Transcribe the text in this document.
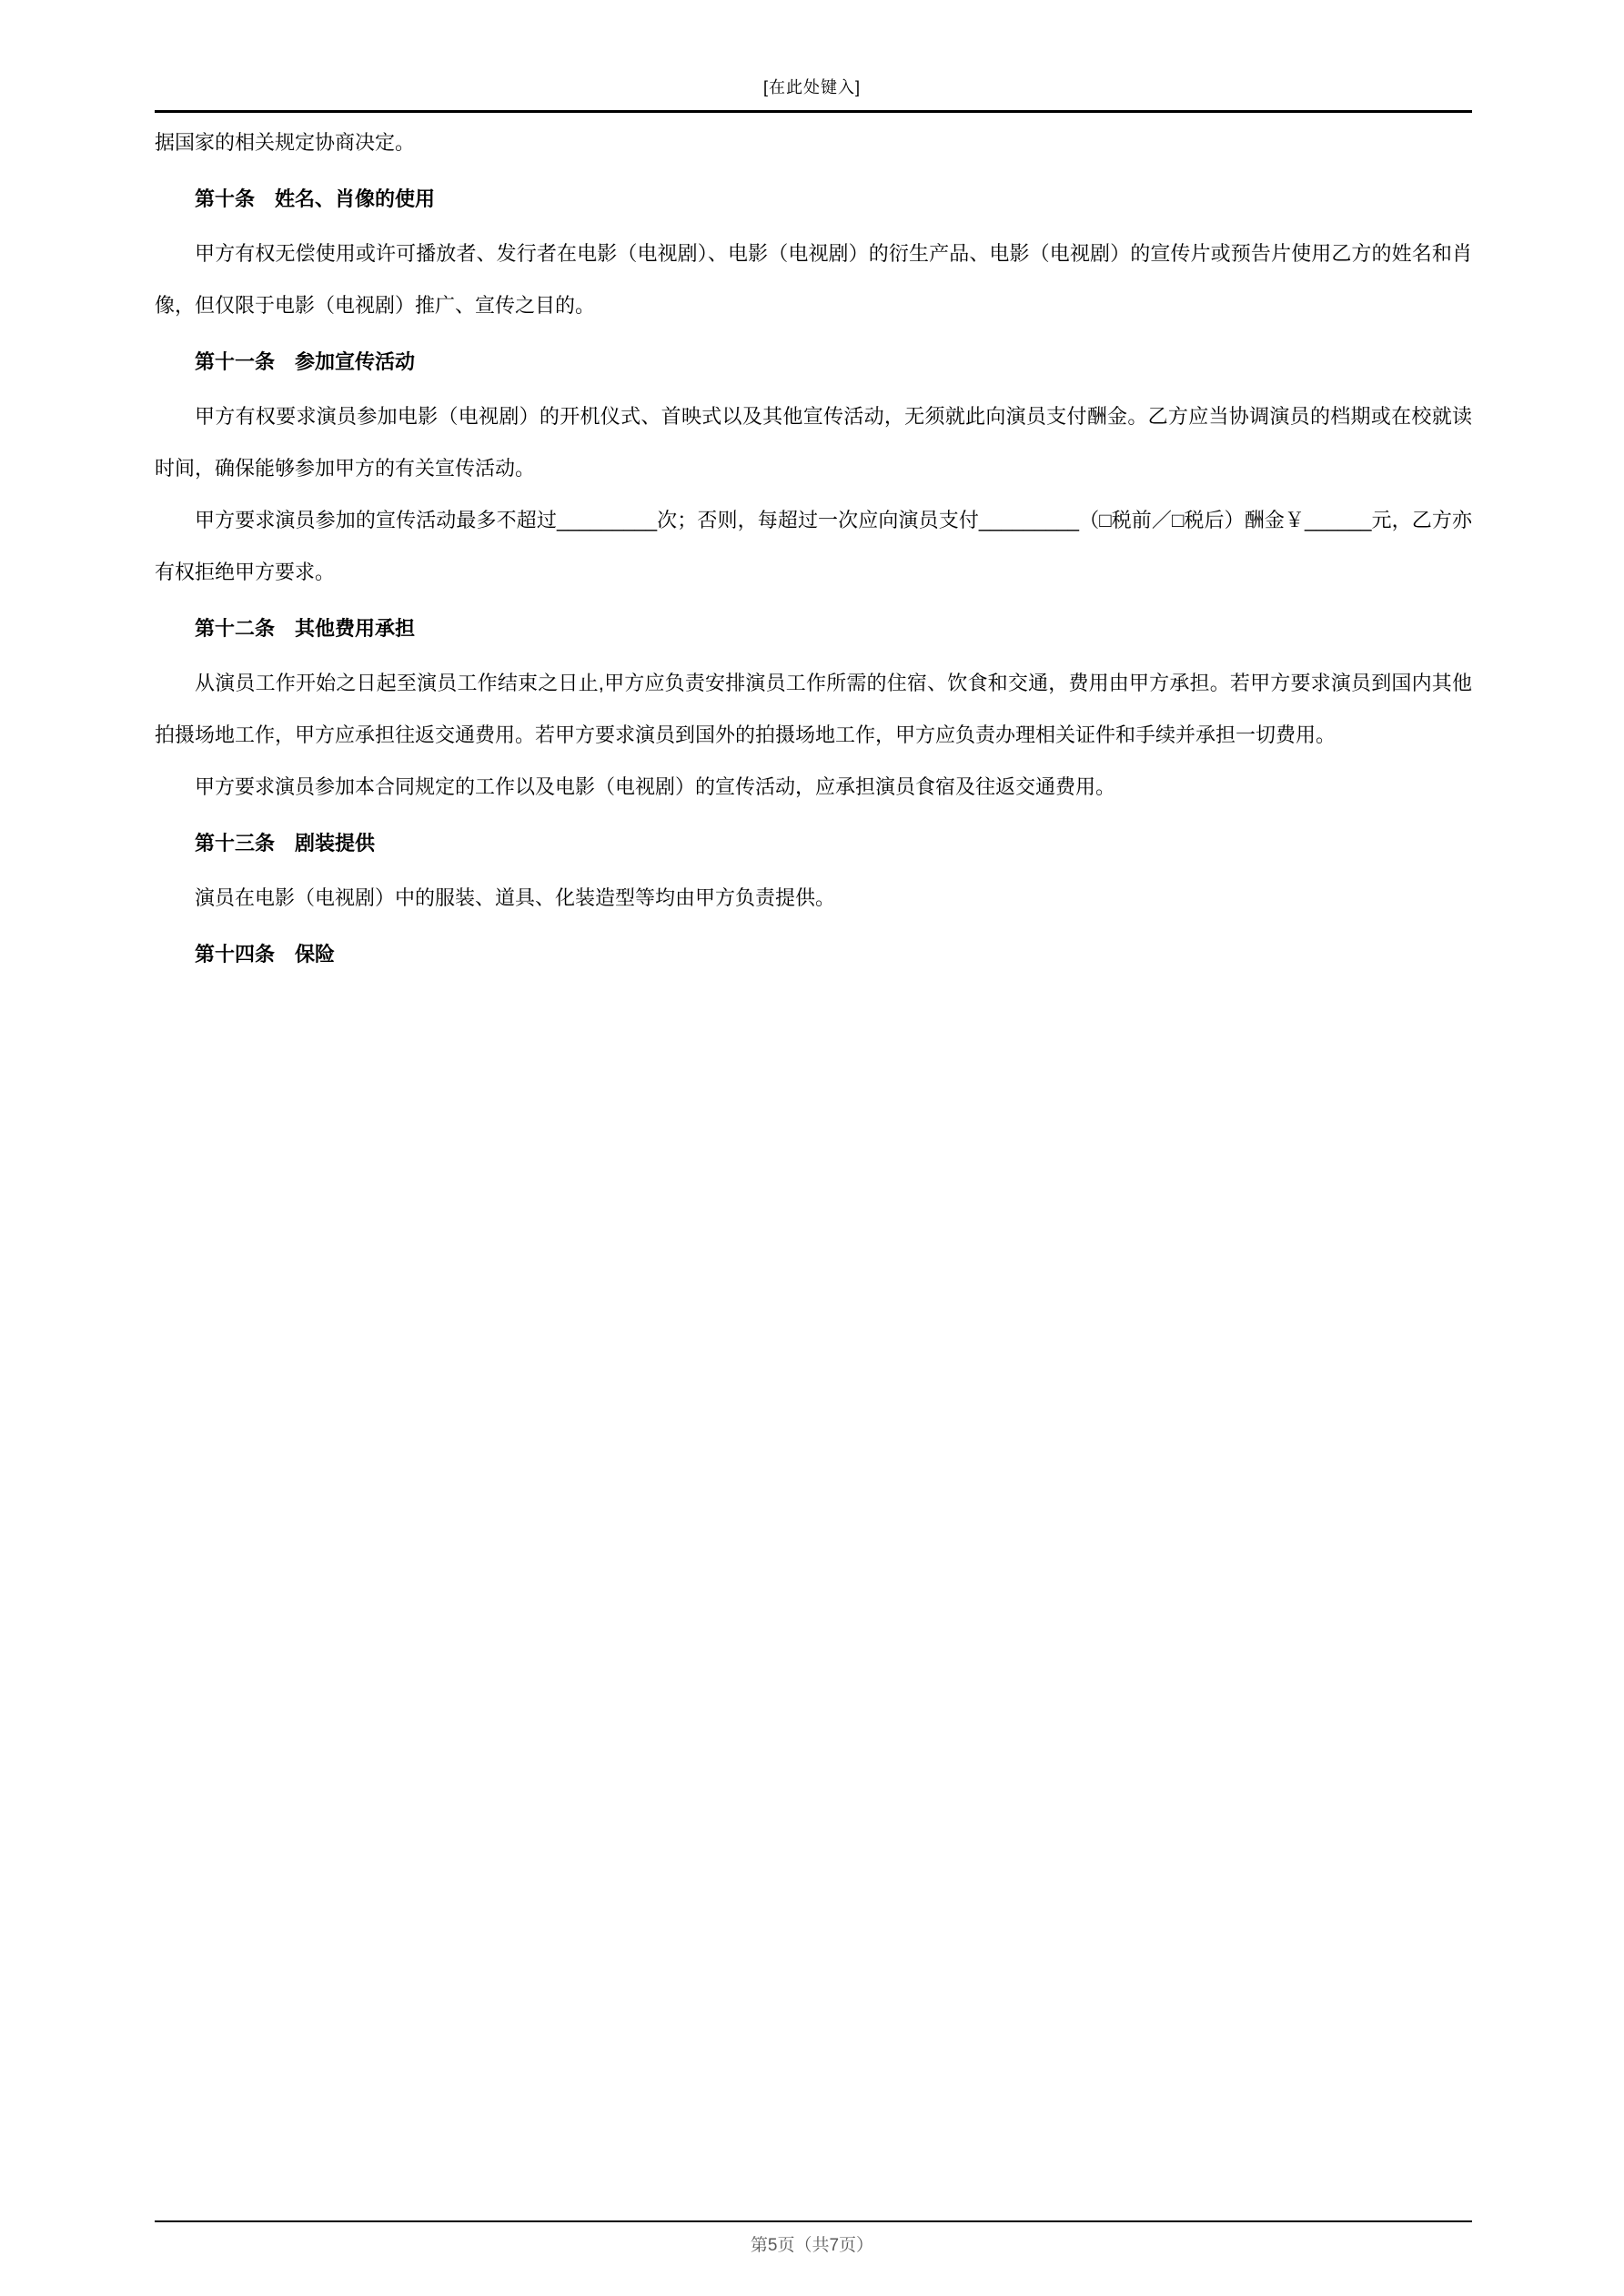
[在此处键入]

据国家的相关规定协商决定。

第十条　姓名、肖像的使用

甲方有权无偿使用或许可播放者、发行者在电影（电视剧）、电影（电视剧）的衍生产品、电影（电视剧）的宣传片或预告片使用乙方的姓名和肖像，但仅限于电影（电视剧）推广、宣传之目的。

第十一条　参加宣传活动

甲方有权要求演员参加电影（电视剧）的开机仪式、首映式以及其他宣传活动，无须就此向演员支付酬金。乙方应当协调演员的档期或在校就读时间，确保能够参加甲方的有关宣传活动。

甲方要求演员参加的宣传活动最多不超过_________次；否则，每超过一次应向演员支付_________（□税前／□税后）酬金￥______元，乙方亦有权拒绝甲方要求。

第十二条　其他费用承担

从演员工作开始之日起至演员工作结束之日止,甲方应负责安排演员工作所需的住宿、饮食和交通，费用由甲方承担。若甲方要求演员到国内其他拍摄场地工作，甲方应承担往返交通费用。若甲方要求演员到国外的拍摄场地工作，甲方应负责办理相关证件和手续并承担一切费用。

甲方要求演员参加本合同规定的工作以及电影（电视剧）的宣传活动，应承担演员食宿及往返交通费用。

第十三条　剧装提供

演员在电影（电视剧）中的服装、道具、化装造型等均由甲方负责提供。

第十四条　保险

第5页（共7页）
